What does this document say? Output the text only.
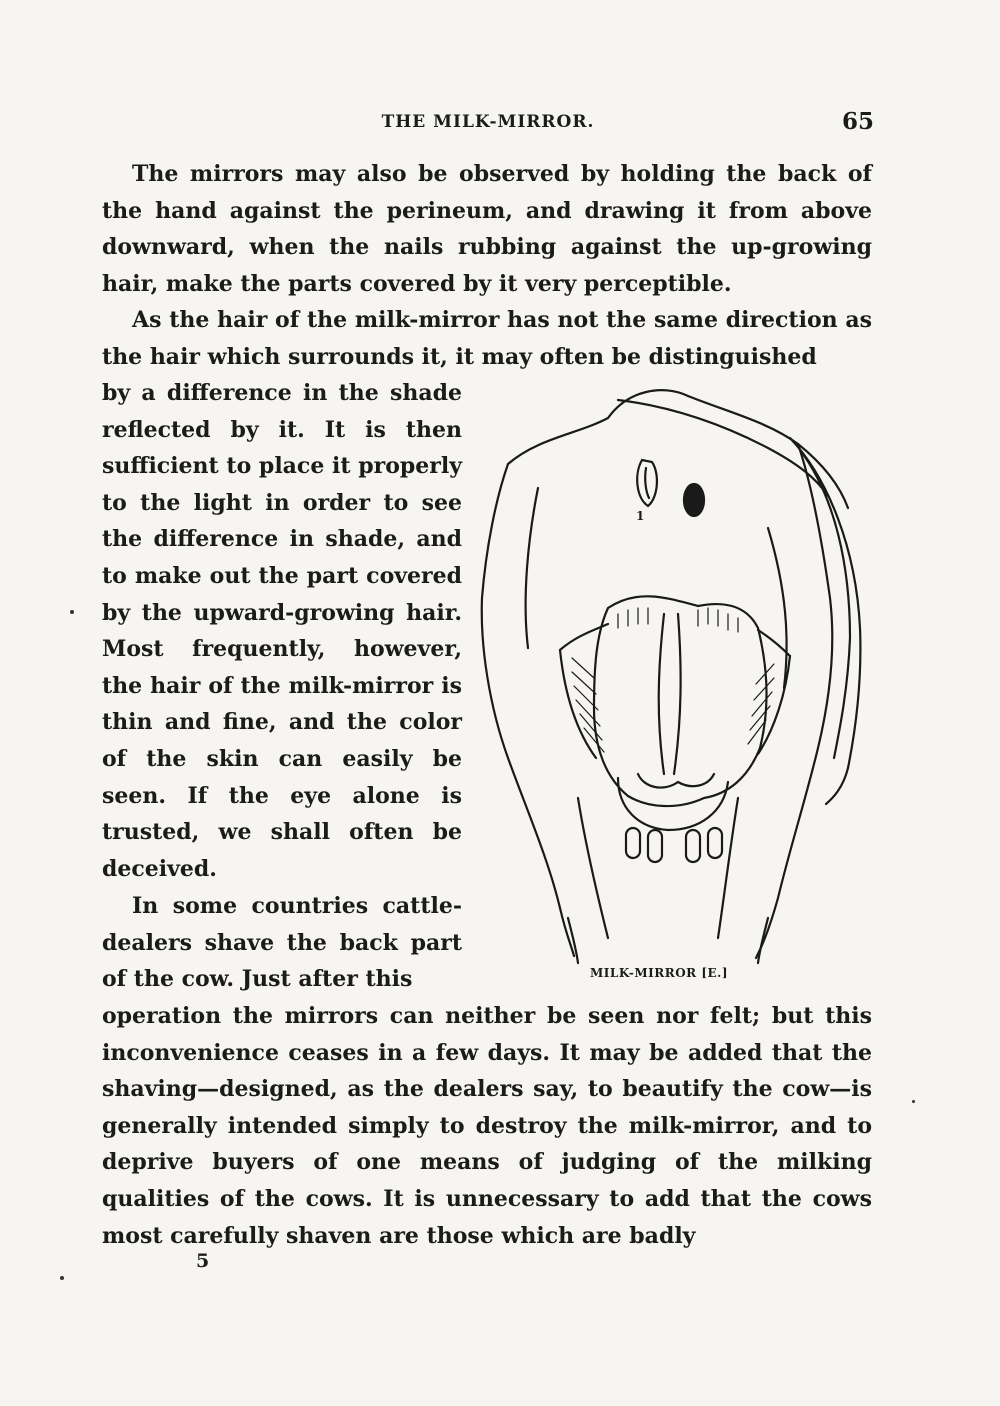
THE MILK-MIRROR.	65

The mirrors may also be observed by holding the back of the hand against the perineum, and drawing it from above downward, when the nails rubbing against the up-growing hair, make the parts covered by it very perceptible.

As the hair of the milk-mirror has not the same direction as the hair which surrounds it, it may often be distinguished

by a difference in the shade reflected by it. It is then sufficient to place it properly to the light in order to see the difference in shade, and to make out the part covered by the upward-growing hair. Most frequently, however, the hair of the milk-mirror is thin and fine, and the color of the skin can easily be seen. If the eye alone is trusted, we shall often be deceived.

In some countries cattle-dealers shave the back part of the cow. Just after this

operation the mirrors can neither be seen nor felt; but this inconvenience ceases in a few days. It may be added that the shaving—designed, as the dealers say, to beautify the cow—is generally intended simply to destroy the milk-mirror, and to deprive buyers of one means of judging of the milking qualities of the cows. It is unnecessary to add that the cows most carefully shaven are those which are badly

1
MILK-MIRROR [E.]
5
